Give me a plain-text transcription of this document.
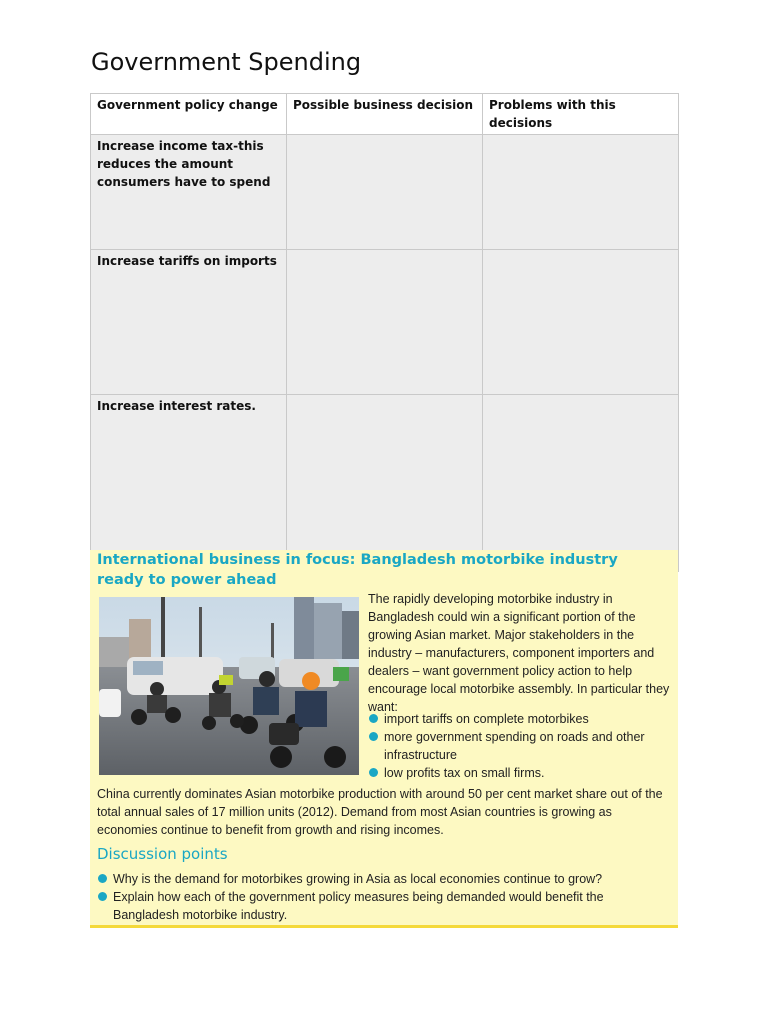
Government Spending
Government policy change	Possible business decision	Problems with this decisions
Increase income tax-this reduces the amount consumers have to spend		
Increase tariffs on imports		
Increase interest rates.		
International business in focus: Bangladesh motorbike industry ready to power ahead

The rapidly developing motorbike industry in Bangladesh could win a significant portion of the growing Asian market. Major stakeholders in the industry – manufacturers, component importers and dealers – want government policy action to help encourage local motorbike assembly. In particular they want:

import tariffs on complete motorbikes
more government spending on roads and other infrastructure
low profits tax on small firms.

China currently dominates Asian motorbike production with around 50 per cent market share out of the total annual sales of 17 million units (2012). Demand from most Asian countries is growing as economies continue to benefit from growth and rising incomes.

Discussion points
Why is the demand for motorbikes growing in Asia as local economies continue to grow?
Explain how each of the government policy measures being demanded would benefit the Bangladesh motorbike industry.
